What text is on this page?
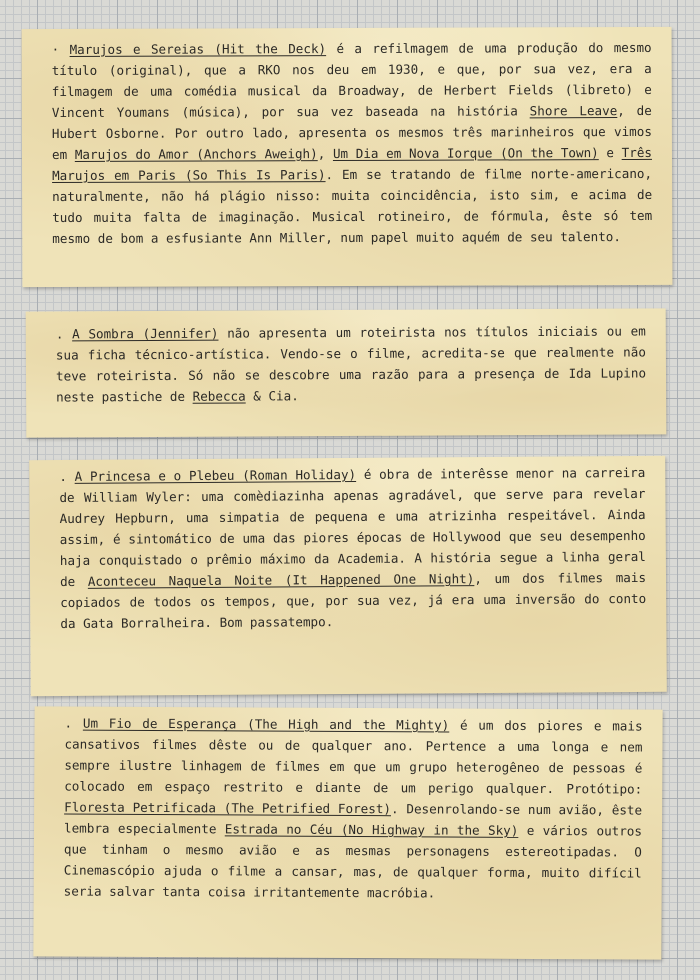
· Marujos e Sereias (Hit the Deck) é a refilmagem de uma produção do mesmo título (original), que a RKO nos deu em 1930, e que, por sua vez, era a filmagem de uma comédia musical da Broadway, de Herbert Fields (libreto) e Vincent Youmans (música), por sua vez baseada na história Shore Leave, de Hubert Osborne. Por outro lado, apresenta os mesmos três marinheiros que vimos em Marujos do Amor (Anchors Aweigh), Um Dia em Nova Iorque (On the Town) e Três Marujos em Paris (So This Is Paris). Em se tratando de filme norte-americano, naturalmente, não há plágio nisso: muita coincidência, isto sim, e acima de tudo muita falta de imaginação. Musical rotineiro, de fórmula, êste só tem mesmo de bom a esfusiante Ann Miller, num papel muito aquém de seu talento.

. A Sombra (Jennifer) não apresenta um roteirista nos títulos iniciais ou em sua ficha técnico-artística. Vendo-se o filme, acredita-se que realmente não teve roteirista. Só não se descobre uma razão para a presença de Ida Lupino neste pastiche de Rebecca & Cia.

. A Princesa e o Plebeu (Roman Holiday) é obra de interêsse menor na carreira de William Wyler: uma comèdiazinha apenas agradável, que serve para revelar Audrey Hepburn, uma simpatia de pequena e uma atrizinha respeitável. Ainda assim, é sintomático de uma das piores épocas de Hollywood que seu desempenho haja conquistado o prêmio máximo da Academia. A história segue a linha geral de Aconteceu Naquela Noite (It Happened One Night), um dos filmes mais copiados de todos os tempos, que, por sua vez, já era uma inversão do conto da Gata Borralheira. Bom passatempo.

. Um Fio de Esperança (The High and the Mighty) é um dos piores e mais cansativos filmes dêste ou de qualquer ano. Pertence a uma longa e nem sempre ilustre linhagem de filmes em que um grupo heterogêneo de pessoas é colocado em espaço restrito e diante de um perigo qualquer. Protótipo: Floresta Petrificada (The Petrified Forest). Desenrolando-se num avião, êste lembra especialmente Estrada no Céu (No Highway in the Sky) e vários outros que tinham o mesmo avião e as mesmas personagens estereotipadas. O Cinemascópio ajuda o filme a cansar, mas, de qualquer forma, muito difícil seria salvar tanta coisa irritantemente macróbia.
